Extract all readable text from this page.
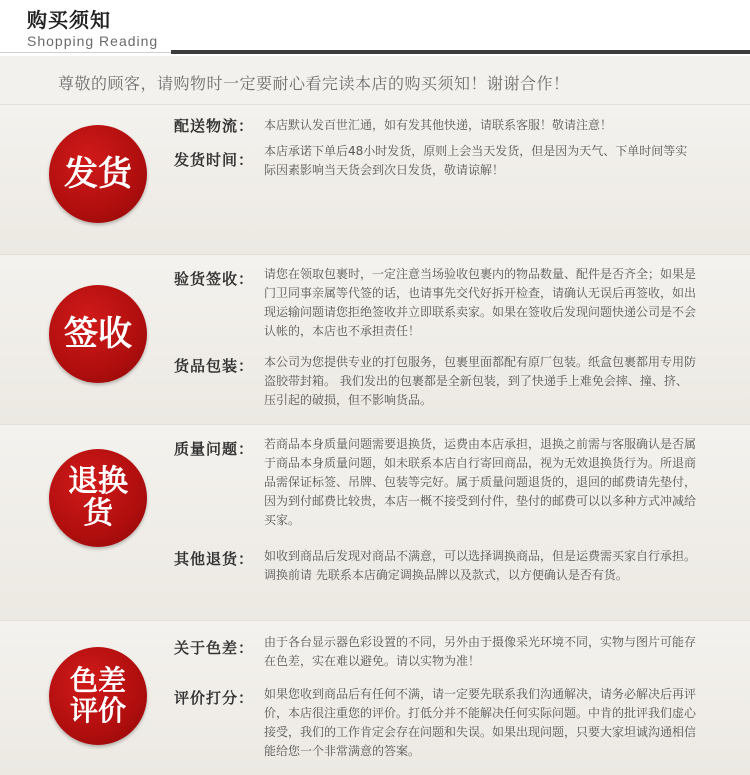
购买须知
Shopping Reading
尊敬的顾客，请购物时一定要耐心看完读本店的购买须知！谢谢合作！
发货
配送物流： 本店默认发百世汇通，如有发其他快递，请联系客服！敬请注意！
发货时间： 本店承诺下单后48小时发货，原则上会当天发货，但是因为天气、下单时间等实际因素影响当天货会到次日发货，敬请谅解！
签收
验货签收： 请您在领取包裹时，一定注意当场验收包裹内的物品数量、配件是否齐全；如果是门卫同事亲属等代签的话，也请事先交代好拆开检查，请确认无误后再签收，如出现运输问题请您拒绝签收并立即联系卖家。如果在签收后发现问题快递公司是不会认帐的，本店也不承担责任！
货品包装： 本公司为您提供专业的打包服务，包裹里面都配有原厂包装。纸盒包裹都用专用防盗胶带封箱。 我们发出的包裹都是全新包装，到了快递手上难免会摔、撞、挤、压引起的破损，但不影响货品。
退换
货
质量问题： 若商品本身质量问题需要退换货，运费由本店承担，退换之前需与客服确认是否属于商品本身质量问题，如未联系本店自行寄回商品，视为无效退换货行为。所退商品需保证标签、吊牌、包装等完好。属于质量问题退货的，退回的邮费请先垫付，因为到付邮费比较贵，本店一概不接受到付件，垫付的邮费可以以多种方式冲减给买家。
其他退货： 如收到商品后发现对商品不满意，可以选择调换商品，但是运费需买家自行承担。调换前请 先联系本店确定调换品牌以及款式，以方便确认是否有货。
色差
评价
关于色差： 由于各台显示器色彩设置的不同，另外由于摄像采光环境不同，实物与图片可能存在色差，实在难以避免。请以实物为准！
评价打分： 如果您收到商品后有任何不满，请一定要先联系我们沟通解决，请务必解决后再评价，本店很注重您的评价。打低分并不能解决任何实际问题。中肯的批评我们虚心接受，我们的工作肯定会存在问题和失误。如果出现问题，只要大家坦诚沟通相信能给您一个非常满意的答案。
